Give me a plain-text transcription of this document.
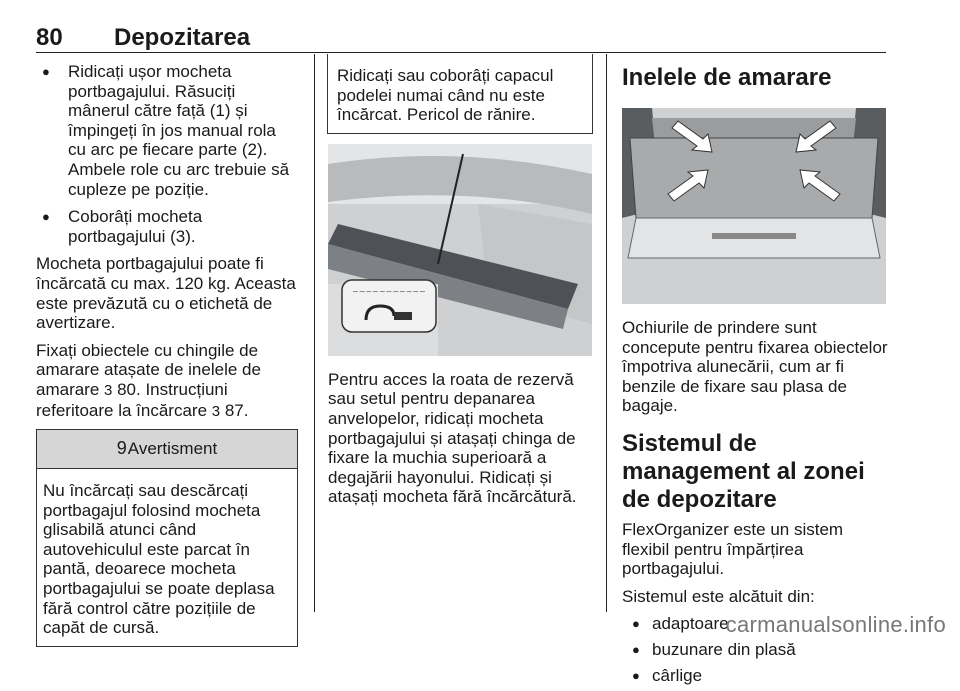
80 Depozitarea
● Ridicați ușor mocheta portbagajului. Răsuciți mânerul către față (1) și împingeți în jos manual rola cu arc pe fiecare parte (2). Ambele role cu arc trebuie să cupleze pe poziție.
● Coborâți mocheta portbagajului (3).

Mocheta portbagajului poate fi încărcată cu max. 120 kg. Aceasta este prevăzută cu o etichetă de avertizare.

Fixați obiectele cu chingile de amarare atașate de inelele de amarare 3 80. Instrucțiuni referitoare la încărcare 3 87.

9 Avertisment
Nu încărcați sau descărcați portbagajul folosind mocheta glisabilă atunci când autovehiculul este parcat în pantă, deoarece mocheta portbagajului se poate deplasa fără control către pozițiile de capăt de cursă.
Ridicați sau coborâți capacul podelei numai când nu este încărcat. Pericol de rănire.
~~~~~~~~~~~

Pentru acces la roata de rezervă sau setul pentru depanarea anvelopelor, ridicați mocheta portbagajului și atașați chinga de fixare la muchia superioară a degajării hayonului. Ridicați și atașați mocheta fără încărcătură.

Inelele de amarare

Ochiurile de prindere sunt concepute pentru fixarea obiectelor împotriva alunecării, cum ar fi benzile de fixare sau plasa de bagaje.

Sistemul de management al zonei de depozitare

FlexOrganizer este un sistem flexibil pentru împărțirea portbagajului.

Sistemul este alcătuit din:

● adaptoare
● buzunare din plasă
● cârlige
carmanualsonline.info
